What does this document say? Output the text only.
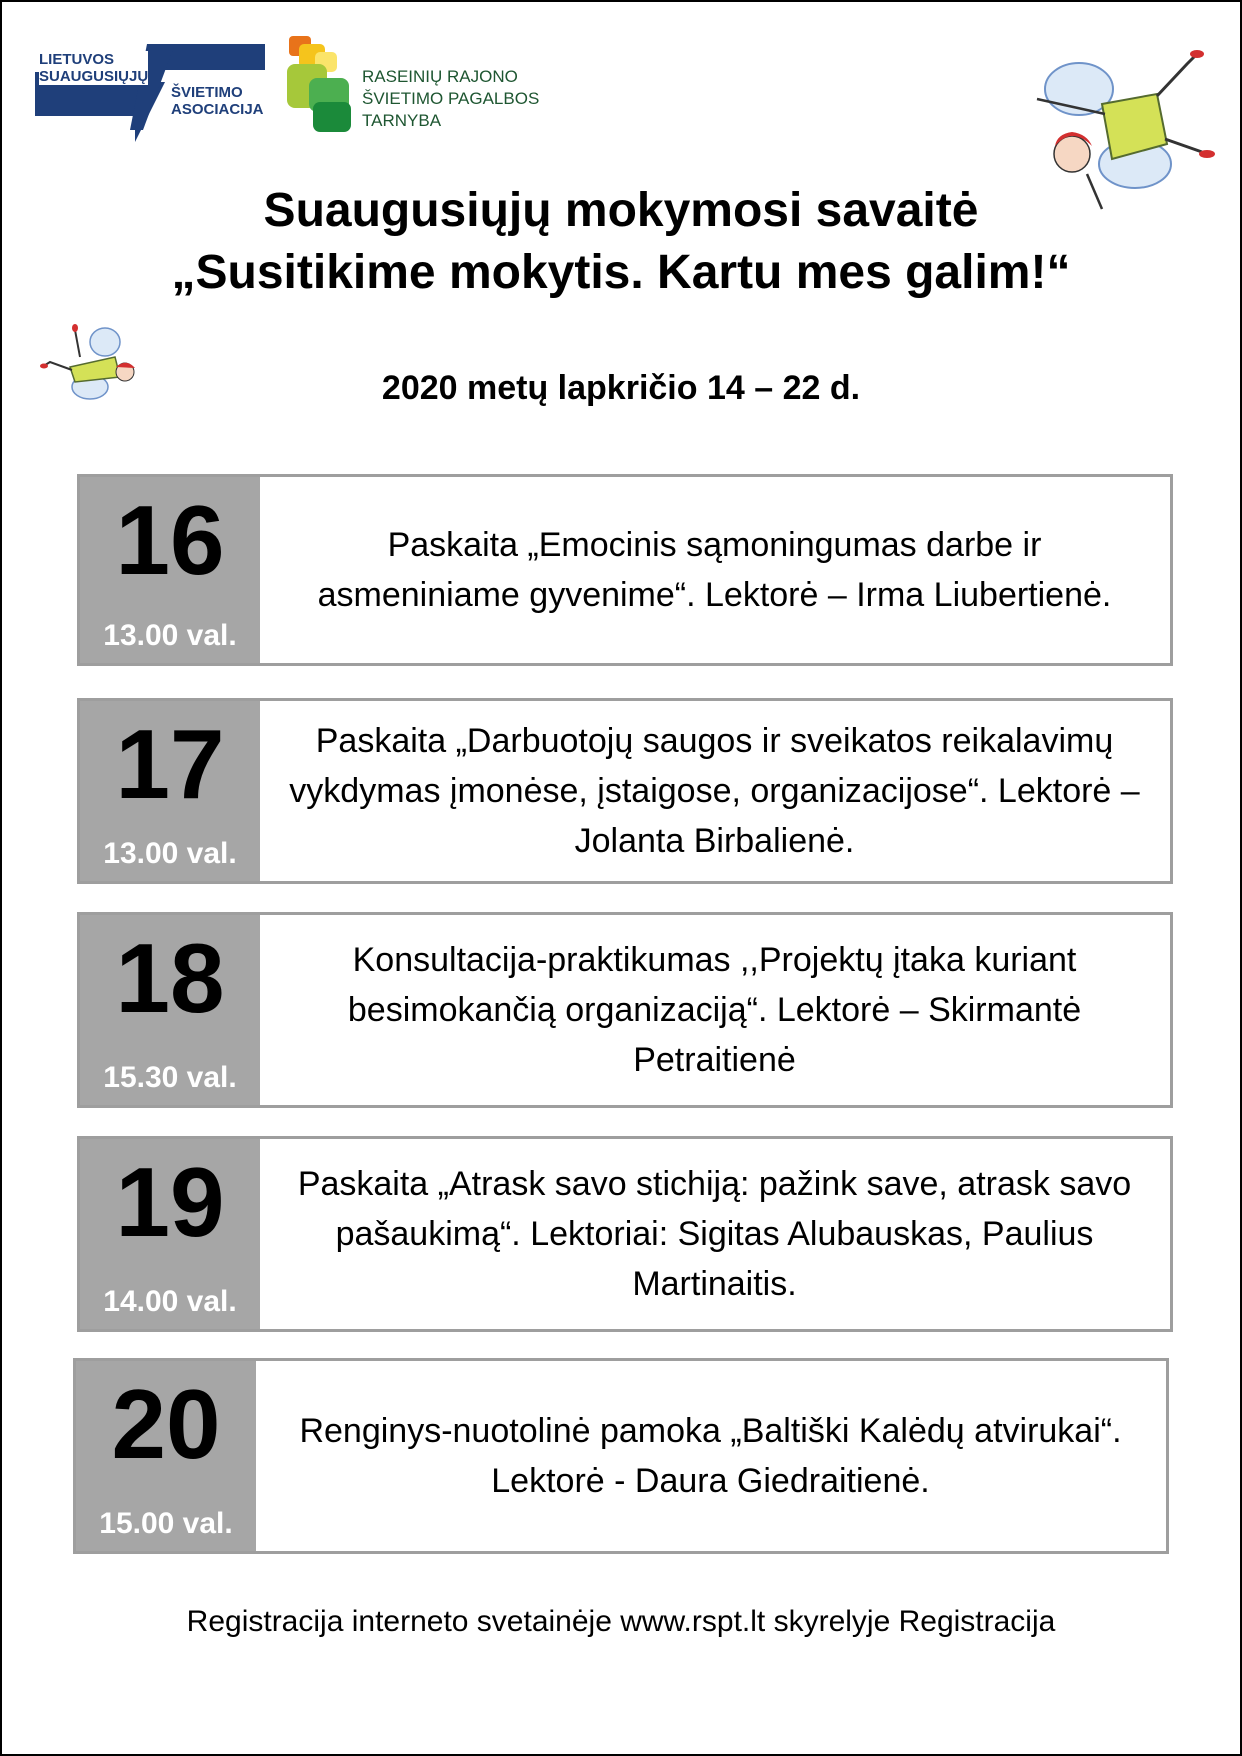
LIETUVOS
SUAUGUSIŲJŲ
ŠVIETIMO
ASOCIACIJA
RASEINIŲ RAJONO
ŠVIETIMO PAGALBOS
TARNYBA
Suaugusiųjų mokymosi savaitė
„Susitikime mokytis. Kartu mes galim!“
2020 metų lapkričio 14 – 22 d.
16
13.00 val.
Paskaita „Emocinis sąmoningumas darbe ir asmeniniame gyvenime“. Lektorė – Irma Liubertienė.
17
13.00 val.
Paskaita „Darbuotojų saugos ir sveikatos reikalavimų vykdymas įmonėse, įstaigose, organizacijose“. Lektorė – Jolanta Birbalienė.
18
15.30 val.
Konsultacija-praktikumas ,,Projektų įtaka kuriant besimokančią organizaciją“. Lektorė – Skirmantė Petraitienė
19
14.00 val.
Paskaita „Atrask savo stichiją: pažink save, atrask savo pašaukimą“. Lektoriai: Sigitas Alubauskas, Paulius Martinaitis.
20
15.00 val.
Renginys-nuotolinė pamoka „Baltiški Kalėdų atvirukai“. Lektorė - Daura Giedraitienė.
Registracija interneto svetainėje www.rspt.lt skyrelyje Registracija
